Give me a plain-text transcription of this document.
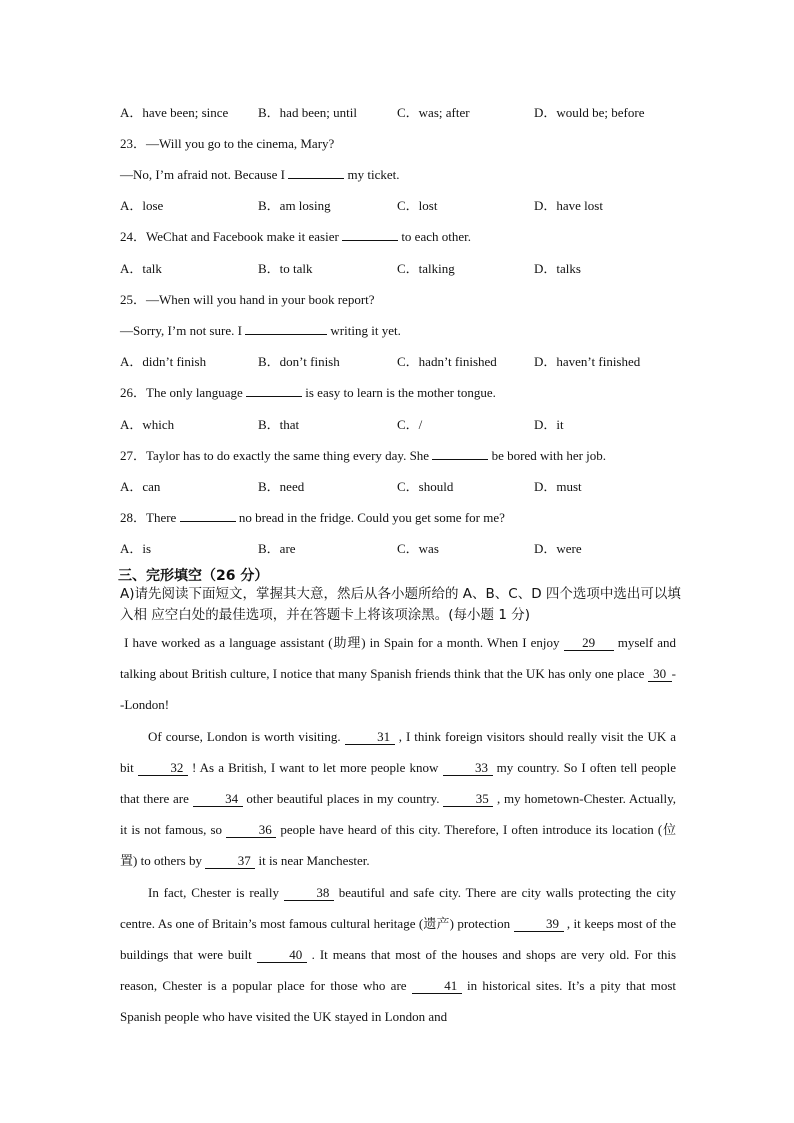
A．have been; since B．had been; until	C．was; after	D．would be; before
23．—Will you go to the cinema, Mary?
—No, I’m afraid not. Because I	my ticket.
A．lose	B．am losing	C．lost	D．have lost
24．WeChat and Facebook make it easier	to each other.
A．talk	B．to talk	C．talking	D．talks
25．—When will you hand in your book report?
—Sorry, I’m not sure. I	writing it yet.
A．didn’t finish	B．don’t finish	C．hadn’t finished	D．haven’t finished
26．The only language	is easy to learn is the mother tongue.
A．which	B．that	C．/	D．it
27．Taylor has to do exactly the same thing every day. She	be bored with her job.
A．can	B．need	C．should	D．must
28．There	no bread in the fridge. Could you get some for me?
A．is	B．are	C．was	D．were
三、完形填空（26 分）
A)请先阅读下面短文，掌握其大意，然后从各小题所给的 A、B、C、D 四个选项中选出可以填入相 应空白处的最佳选项，并在答题卡上将该项涂黑。(每小题 1 分)
I have worked as a language assistant (助理) in Spain for a month. When I enjoy 29 myself and talking about British culture, I notice that many Spanish friends think that the UK has only one place 30 --London!
Of course, London is worth visiting.	31 , I think foreign visitors should really visit the UK a bit	32 ! As a British, I want to let more people know	33 my country. So I often tell people that there are	34 other beautiful places in my country.	35 , my hometown-Chester. Actually, it is not famous, so	36 people have heard of this city. Therefore, I often introduce its location (位置) to others by	37 it is near Manchester.
In fact, Chester is really	38 beautiful and safe city. There are city walls protecting the city centre. As one of Britain’s most famous cultural heritage (遗产) protection	39 , it keeps most of the buildings that were built	40 . It means that most of the houses and shops are very old. For this reason, Chester is a popular place for those who are	41 in historical sites. It’s a pity that most Spanish people who have visited the UK stayed in London and
